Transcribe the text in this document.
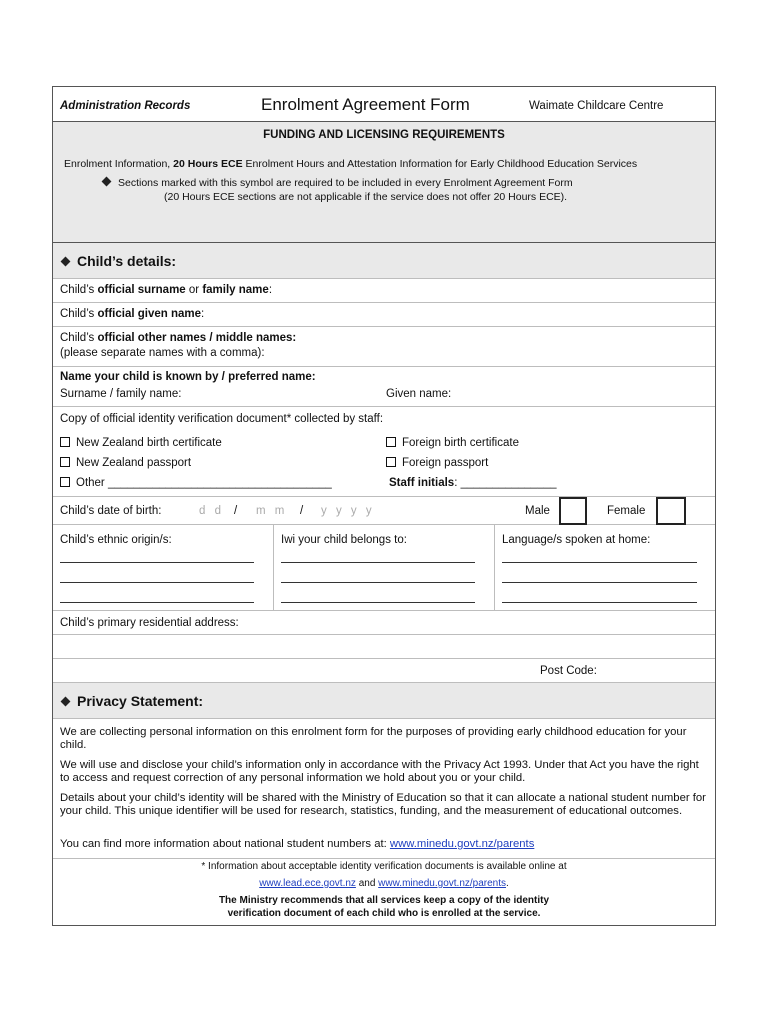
Administration Records	Enrolment Agreement Form	Waimate Childcare Centre
FUNDING AND LICENSING REQUIREMENTS
Enrolment Information, 20 Hours ECE Enrolment Hours and Attestation Information for Early Childhood Education Services
Sections marked with this symbol are required to be included in every Enrolment Agreement Form
(20 Hours ECE sections are not applicable if the service does not offer 20 Hours ECE).
Child’s details:
Child’s official surname or family name:
Child’s official given name:
Child’s official other names / middle names:
(please separate names with a comma):
Name your child is known by / preferred name:
Surname / family name:	Given name:
Copy of official identity verification document* collected by staff:
New Zealand birth certificate	Foreign birth certificate
New Zealand passport	Foreign passport
Other ___________________________________	Staff initials: _______________
Child’s date of birth:	d d / m m / y y y y	Male	Female
Child’s ethnic origin/s:	Iwi your child belongs to:	Language/s spoken at home:
Child’s primary residential address:
Post Code:
Privacy Statement:
We are collecting personal information on this enrolment form for the purposes of providing early childhood education for your child.
We will use and disclose your child’s information only in accordance with the Privacy Act 1993. Under that Act you have the right to access and request correction of any personal information we hold about you or your child.
Details about your child’s identity will be shared with the Ministry of Education so that it can allocate a national student number for your child. This unique identifier will be used for research, statistics, funding, and the measurement of educational outcomes.
You can find more information about national student numbers at: www.minedu.govt.nz/parents
* Information about acceptable identity verification documents is available online at
www.lead.ece.govt.nz and www.minedu.govt.nz/parents.
The Ministry recommends that all services keep a copy of the identity
verification document of each child who is enrolled at the service.
